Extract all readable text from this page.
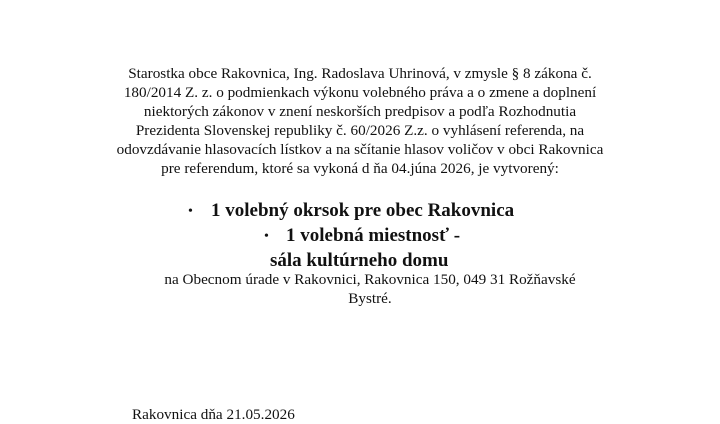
Starostka obce Rakovnica, Ing. Radoslava Uhrinová, v zmysle § 8 zákona č.
180/2014 Z. z. o podmienkach výkonu volebného práva a o zmene a doplnení
niektorých zákonov v znení neskorších predpisov a podľa Rozhodnutia
Prezidenta Slovenskej republiky č. 60/2026 Z.z. o vyhlásení referenda, na
odovzdávanie hlasovacích lístkov a na sčítanie hlasov voličov v obci Rakovnica
pre referendum, ktoré sa vykoná d ňa 04.júna 2026, je vytvorený:
• 1 volebný okrsok pre obec Rakovnica
• 1 volebná miestnosť -
sála kultúrneho domu
na Obecnom úrade v Rakovnici, Rakovnica 150, 049 31 Rožňavské
Bystré.
Rakovnica dňa 21.05.2026
